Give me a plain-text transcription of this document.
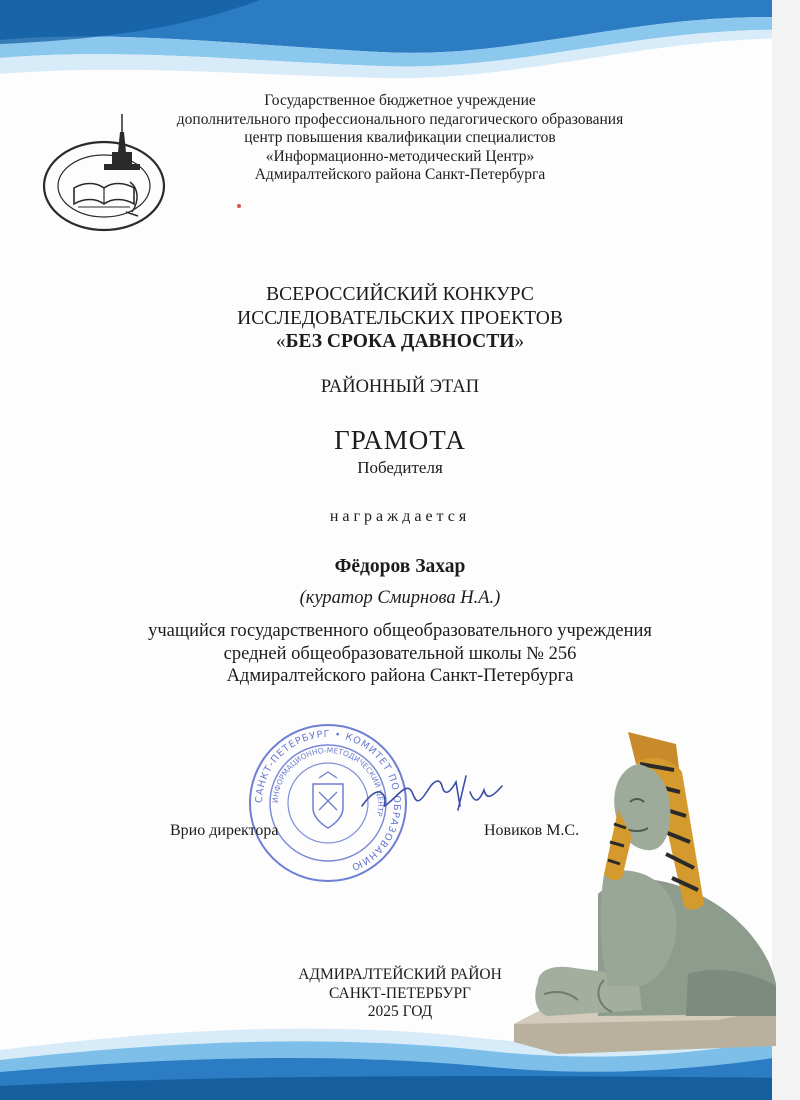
Государственное бюджетное учреждение
дополнительного профессионального педагогического образования
центр повышения квалификации специалистов
«Информационно-методический Центр»
Адмиралтейского района Санкт-Петербурга
ВСЕРОССИЙСКИЙ КОНКУРС
ИССЛЕДОВАТЕЛЬСКИХ ПРОЕКТОВ
«БЕЗ СРОКА ДАВНОСТИ»
РАЙОННЫЙ ЭТАП
ГРАМОТА
Победителя
награждается
Фёдоров Захар
(куратор Смирнова Н.А.)
учащийся государственного общеобразовательного учреждения
средней общеобразовательной школы № 256
Адмиралтейского района Санкт-Петербурга
САНКТ-ПЕТЕРБУРГ • КОМИТЕТ ПО ОБРАЗОВАНИЮ
ИНФОРМАЦИОННО-МЕТОДИЧЕСКИЙ ЦЕНТР
Врио директора	Новиков М.С.
АДМИРАЛТЕЙСКИЙ РАЙОН
САНКТ-ПЕТЕРБУРГ
2025 ГОД
